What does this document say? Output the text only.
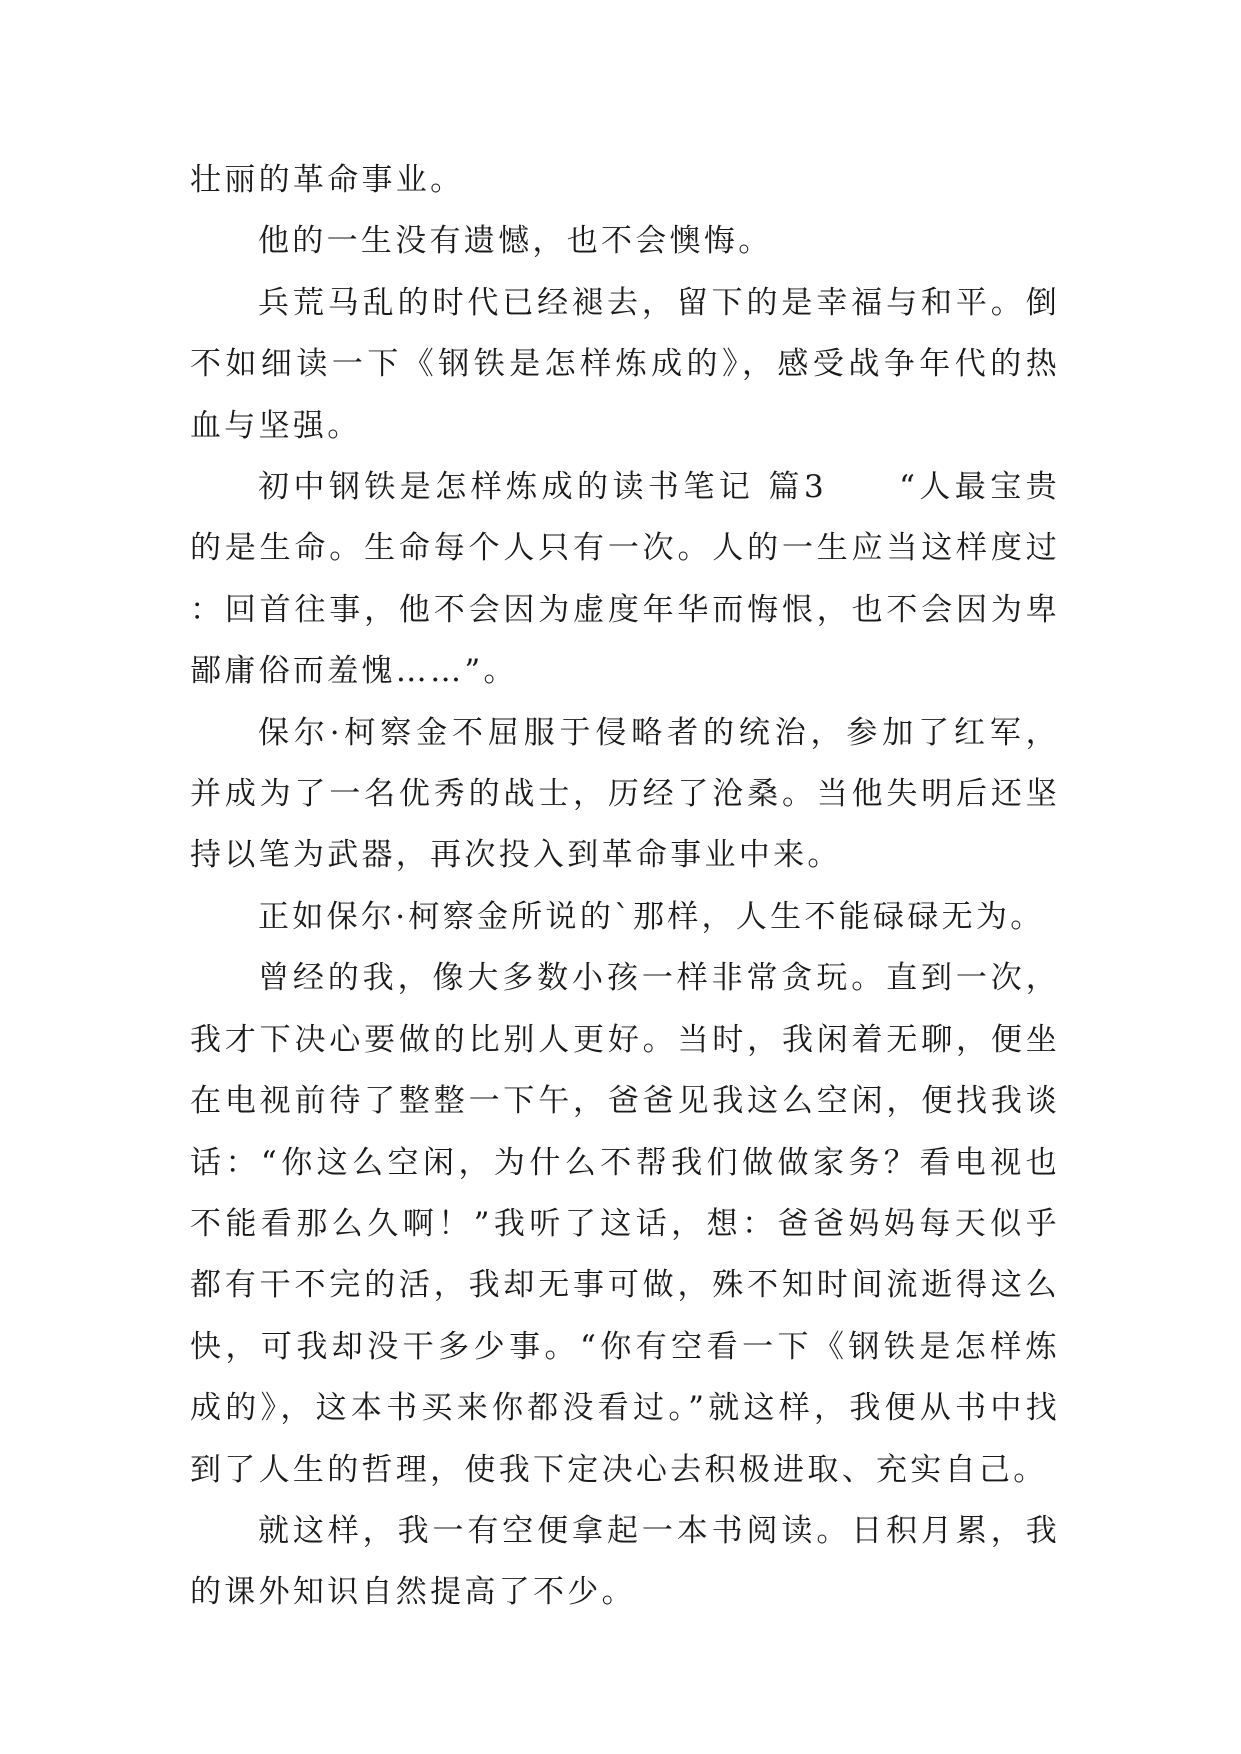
壮丽的革命事业。

他的一生没有遗憾，也不会懊悔。

兵荒马乱的时代已经褪去，留下的是幸福与和平。倒不如细读一下《钢铁是怎样炼成的》，感受战争年代的热血与坚强。

初中钢铁是怎样炼成的读书笔记 篇3　　“人最宝贵的是生命。生命每个人只有一次。人的一生应当这样度过：回首往事，他不会因为虚度年华而悔恨，也不会因为卑鄙庸俗而羞愧……”。

保尔·柯察金不屈服于侵略者的统治，参加了红军，并成为了一名优秀的战士，历经了沧桑。当他失明后还坚持以笔为武器，再次投入到革命事业中来。

正如保尔·柯察金所说的`那样，人生不能碌碌无为。

曾经的我，像大多数小孩一样非常贪玩。直到一次，我才下决心要做的比别人更好。当时，我闲着无聊，便坐在电视前待了整整一下午，爸爸见我这么空闲，便找我谈话：“你这么空闲，为什么不帮我们做做家务？看电视也不能看那么久啊！”我听了这话，想：爸爸妈妈每天似乎都有干不完的活，我却无事可做，殊不知时间流逝得这么快，可我却没干多少事。“你有空看一下《钢铁是怎样炼成的》，这本书买来你都没看过。”就这样，我便从书中找到了人生的哲理，使我下定决心去积极进取、充实自己。

就这样，我一有空便拿起一本书阅读。日积月累，我的课外知识自然提高了不少。
